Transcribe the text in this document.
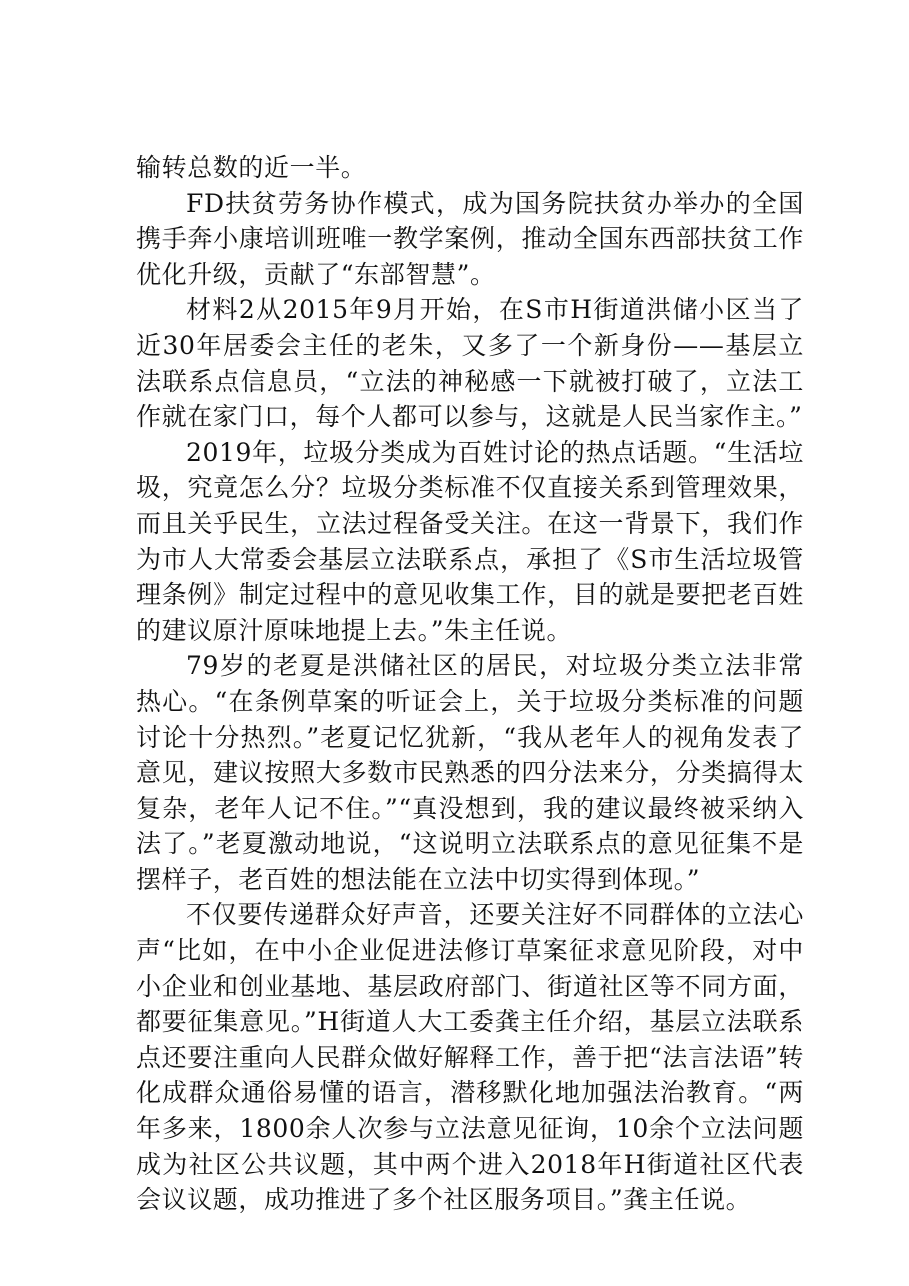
输转总数的近一半。

FD扶贫劳务协作模式，成为国务院扶贫办举办的全国携手奔小康培训班唯一教学案例，推动全国东西部扶贫工作优化升级，贡献了“东部智慧”。

材料2从2015年9月开始，在S市H街道洪储小区当了近30年居委会主任的老朱，又多了一个新身份——基层立法联系点信息员，“立法的神秘感一下就被打破了，立法工作就在家门口，每个人都可以参与，这就是人民当家作主。”

2019年，垃圾分类成为百姓讨论的热点话题。“生活垃圾，究竟怎么分？垃圾分类标准不仅直接关系到管理效果，而且关乎民生，立法过程备受关注。在这一背景下，我们作为市人大常委会基层立法联系点，承担了《S市生活垃圾管理条例》制定过程中的意见收集工作，目的就是要把老百姓的建议原汁原味地提上去。”朱主任说。

79岁的老夏是洪储社区的居民，对垃圾分类立法非常热心。“在条例草案的听证会上，关于垃圾分类标准的问题讨论十分热烈。”老夏记忆犹新，“我从老年人的视角发表了意见，建议按照大多数市民熟悉的四分法来分，分类搞得太复杂，老年人记不住。”“真没想到，我的建议最终被采纳入法了。”老夏激动地说，“这说明立法联系点的意见征集不是摆样子，老百姓的想法能在立法中切实得到体现。”

不仅要传递群众好声音，还要关注好不同群体的立法心声“比如，在中小企业促进法修订草案征求意见阶段，对中小企业和创业基地、基层政府部门、街道社区等不同方面，都要征集意见。”H街道人大工委龚主任介绍，基层立法联系点还要注重向人民群众做好解释工作，善于把“法言法语”转化成群众通俗易懂的语言，潜移默化地加强法治教育。“两年多来，1800余人次参与立法意见征询，10余个立法问题成为社区公共议题，其中两个进入2018年H街道社区代表会议议题，成功推进了多个社区服务项目。”龚主任说。
